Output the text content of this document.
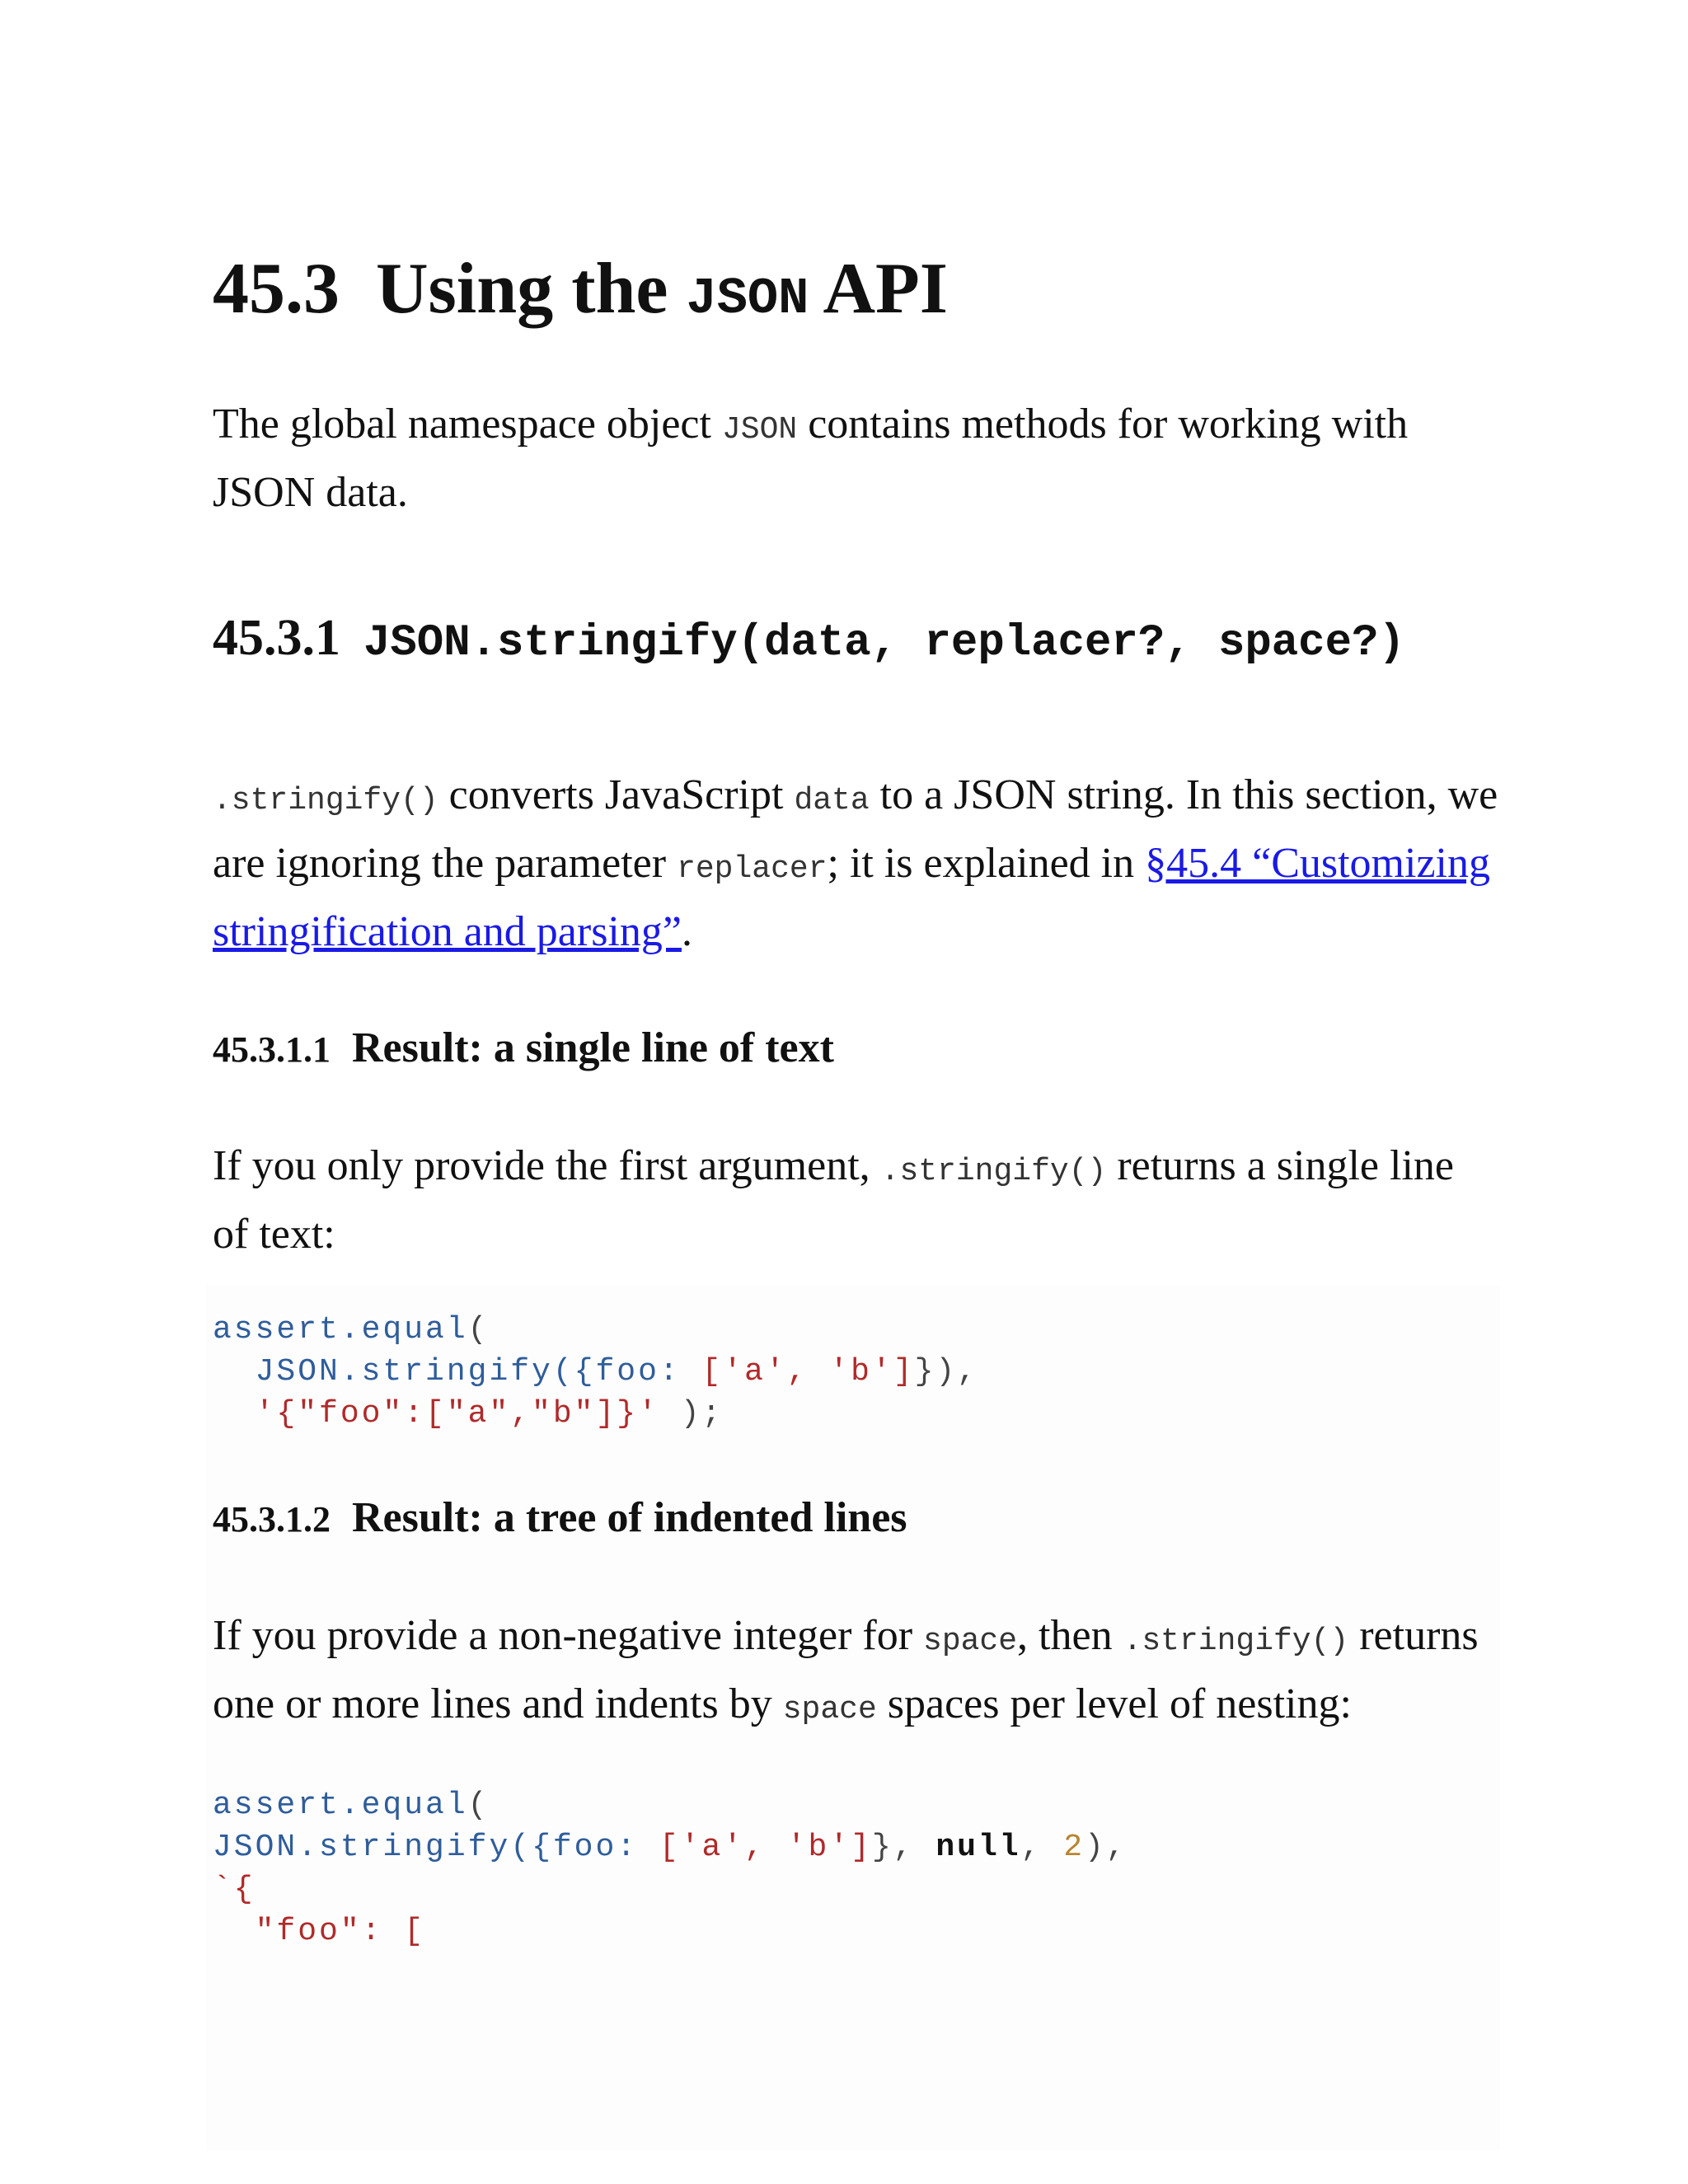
45.3 Using the JSON API

The global namespace object JSON contains methods for working with JSON data.

45.3.1 JSON.stringify(data, replacer?, space?)

.stringify() converts JavaScript data to a JSON string. In this section, we are ignoring the parameter replacer; it is explained in §45.4 “Customizing stringification and parsing”.

45.3.1.1 Result: a single line of text

If you only provide the first argument, .stringify() returns a single line of text:

assert.equal(
JSON.stringify({foo: ['a', 'b']}),
'{"foo":["a","b"]}' );
45.3.1.2 Result: a tree of indented lines

If you provide a non-negative integer for space, then .stringify() returns one or more lines and indents by space spaces per level of nesting:

assert.equal(
JSON.stringify({foo: ['a', 'b']}, null, 2),
`{
"foo": [
